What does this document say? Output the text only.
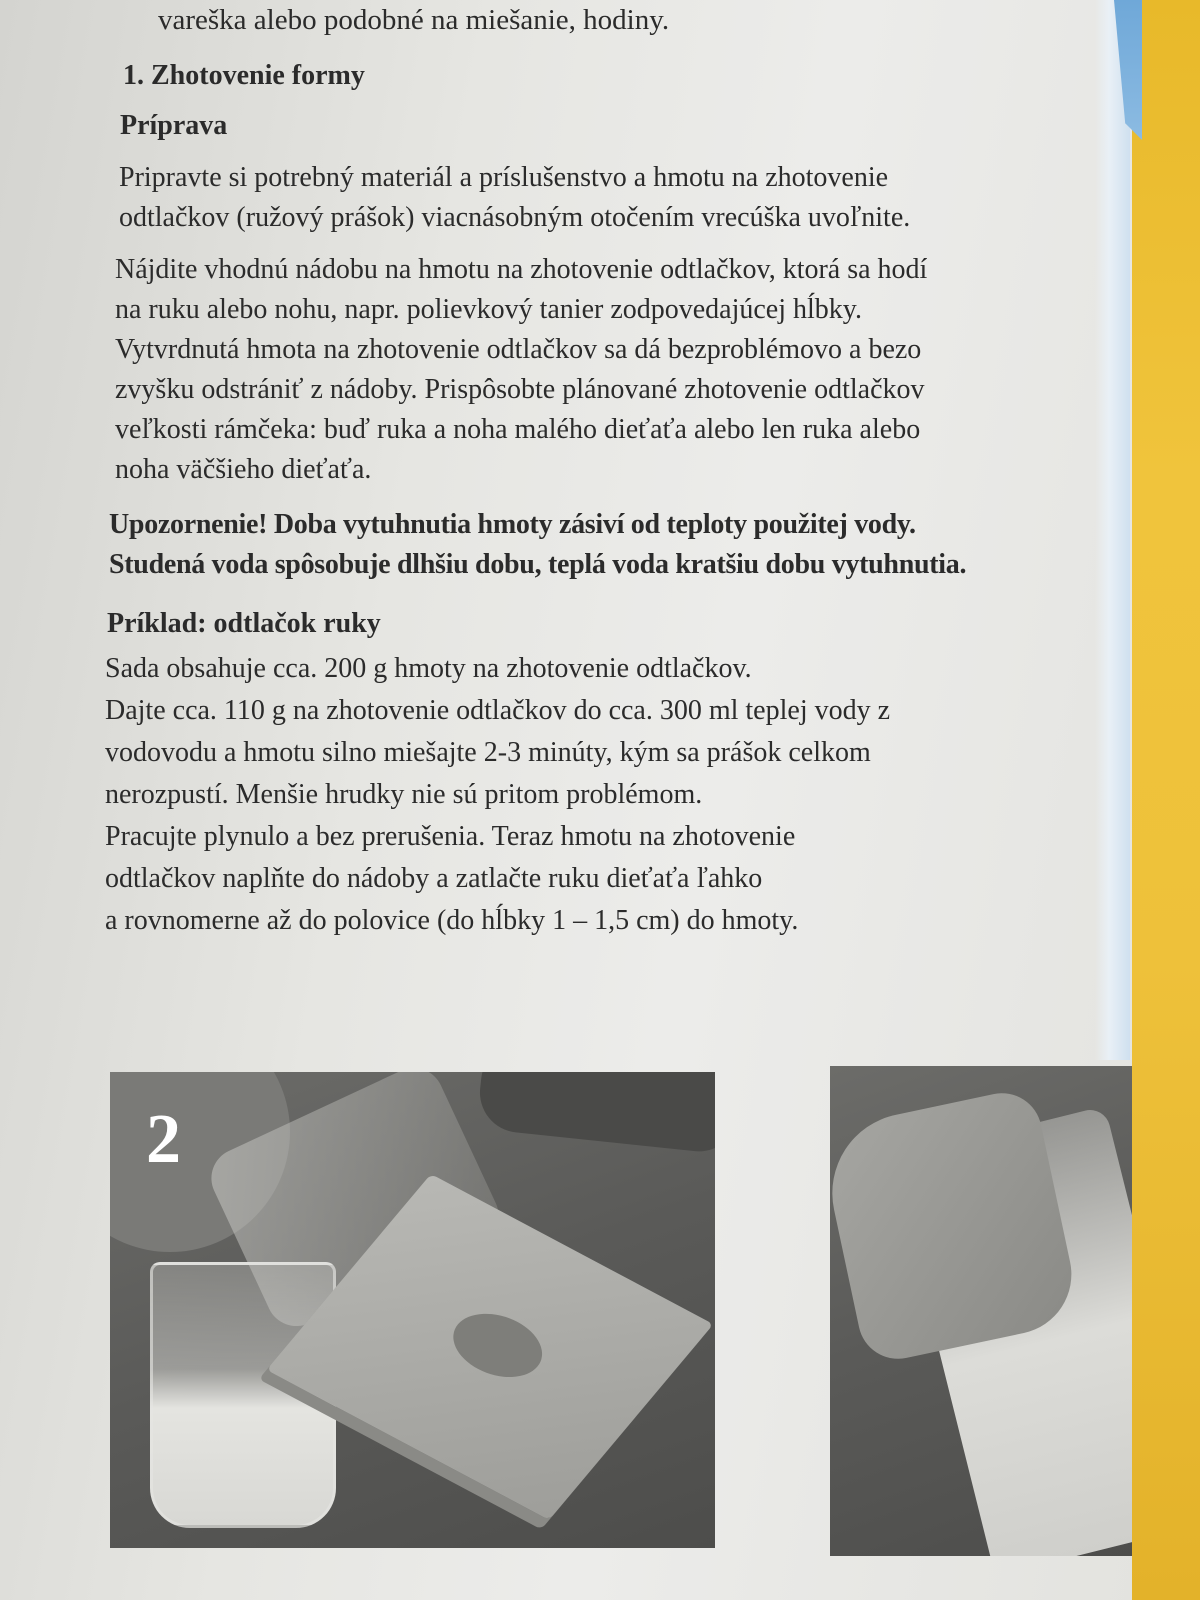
vareška alebo podobné na miešanie, hodiny.
1. Zhotovenie formy
Príprava
Pripravte si potrebný materiál a príslušenstvo a hmotu na zhotovenie
odtlačkov (ružový prášok) viacnásobným otočením vrecúška uvoľnite.
Nájdite vhodnú nádobu na hmotu na zhotovenie odtlačkov, ktorá sa hodí
na ruku alebo nohu, napr. polievkový tanier zodpovedajúcej hĺbky.
Vytvrdnutá hmota na zhotovenie odtlačkov sa dá bezproblémovo a bezo
zvyšku odstrániť z nádoby. Prispôsobte plánované zhotovenie odtlačkov
veľkosti rámčeka: buď ruka a noha malého dieťaťa alebo len ruka alebo
noha väčšieho dieťaťa.
Upozornenie! Doba vytuhnutia hmoty zásiví od teploty použitej vody.
Studená voda spôsobuje dlhšiu dobu, teplá voda kratšiu dobu vytuhnutia.
Príklad: odtlačok ruky
Sada obsahuje cca. 200 g hmoty na zhotovenie odtlačkov.
Dajte cca. 110 g na zhotovenie odtlačkov do cca. 300 ml teplej vody z
vodovodu a hmotu silno miešajte 2-3 minúty, kým sa prášok celkom
nerozpustí. Menšie hrudky nie sú pritom problémom.
Pracujte plynulo a bez prerušenia. Teraz hmotu na zhotovenie
odtlačkov naplňte do nádoby a zatlačte ruku dieťaťa ľahko
a rovnomerne až do polovice (do hĺbky 1 – 1,5 cm) do hmoty.
2
